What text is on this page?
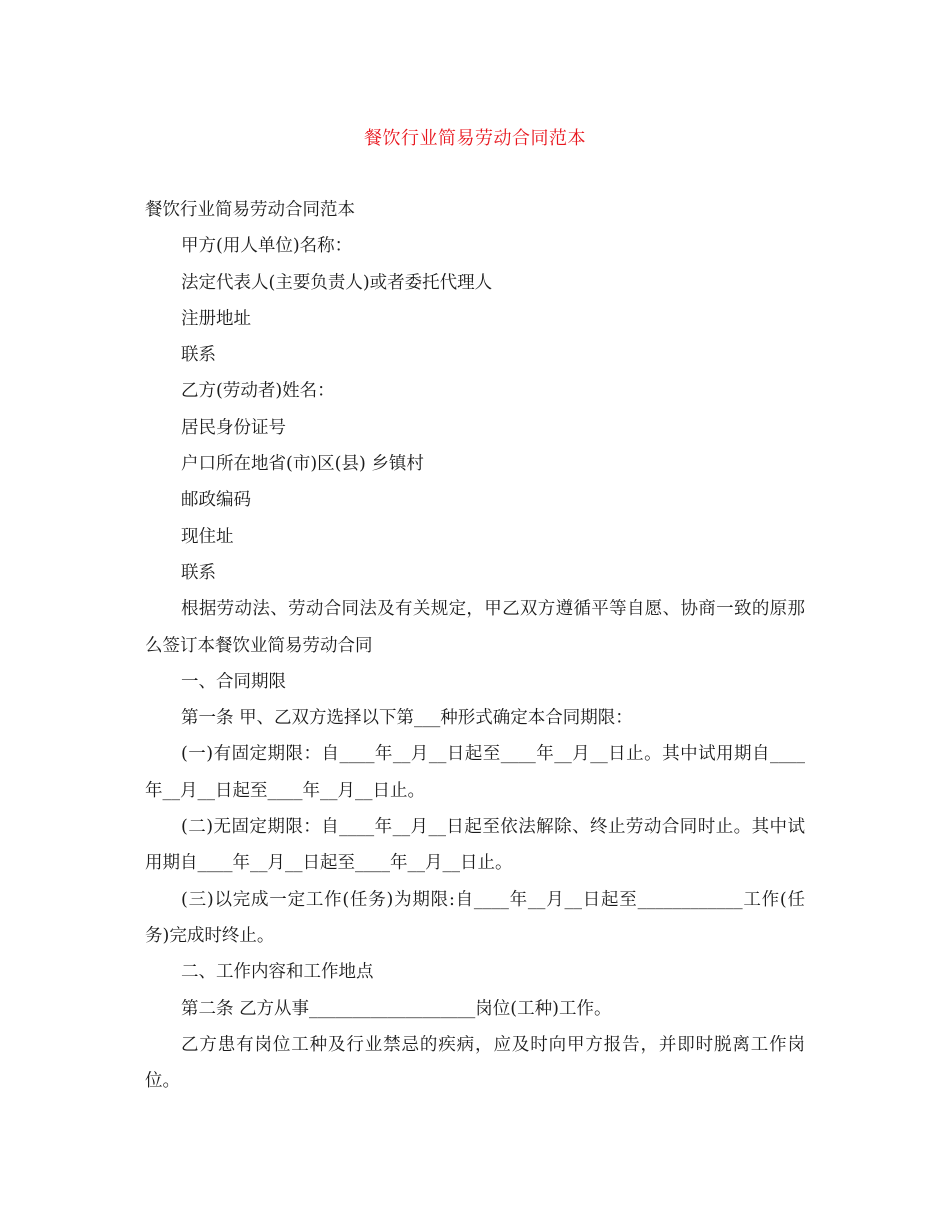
餐饮行业简易劳动合同范本

餐饮行业简易劳动合同范本

甲方(用人单位)名称：

法定代表人(主要负责人)或者委托代理人

注册地址

联系

乙方(劳动者)姓名：

居民身份证号

户口所在地省(市)区(县) 乡镇村

邮政编码

现住址

联系

根据劳动法、劳动合同法及有关规定，甲乙双方遵循平等自愿、协商一致的原那么签订本餐饮业简易劳动合同

一、合同期限

第一条 甲、乙双方选择以下第___种形式确定本合同期限：

(一)有固定期限：自____年__月__日起至____年__月__日止。其中试用期自____年__月__日起至____年__月__日止。

(二)无固定期限：自____年__月__日起至依法解除、终止劳动合同时止。其中试用期自____年__月__日起至____年__月__日止。

(三)以完成一定工作(任务)为期限:自____年__月__日起至____________工作(任务)完成时终止。

二、工作内容和工作地点

第二条 乙方从事___________________岗位(工种)工作。

乙方患有岗位工种及行业禁忌的疾病，应及时向甲方报告，并即时脱离工作岗位。
